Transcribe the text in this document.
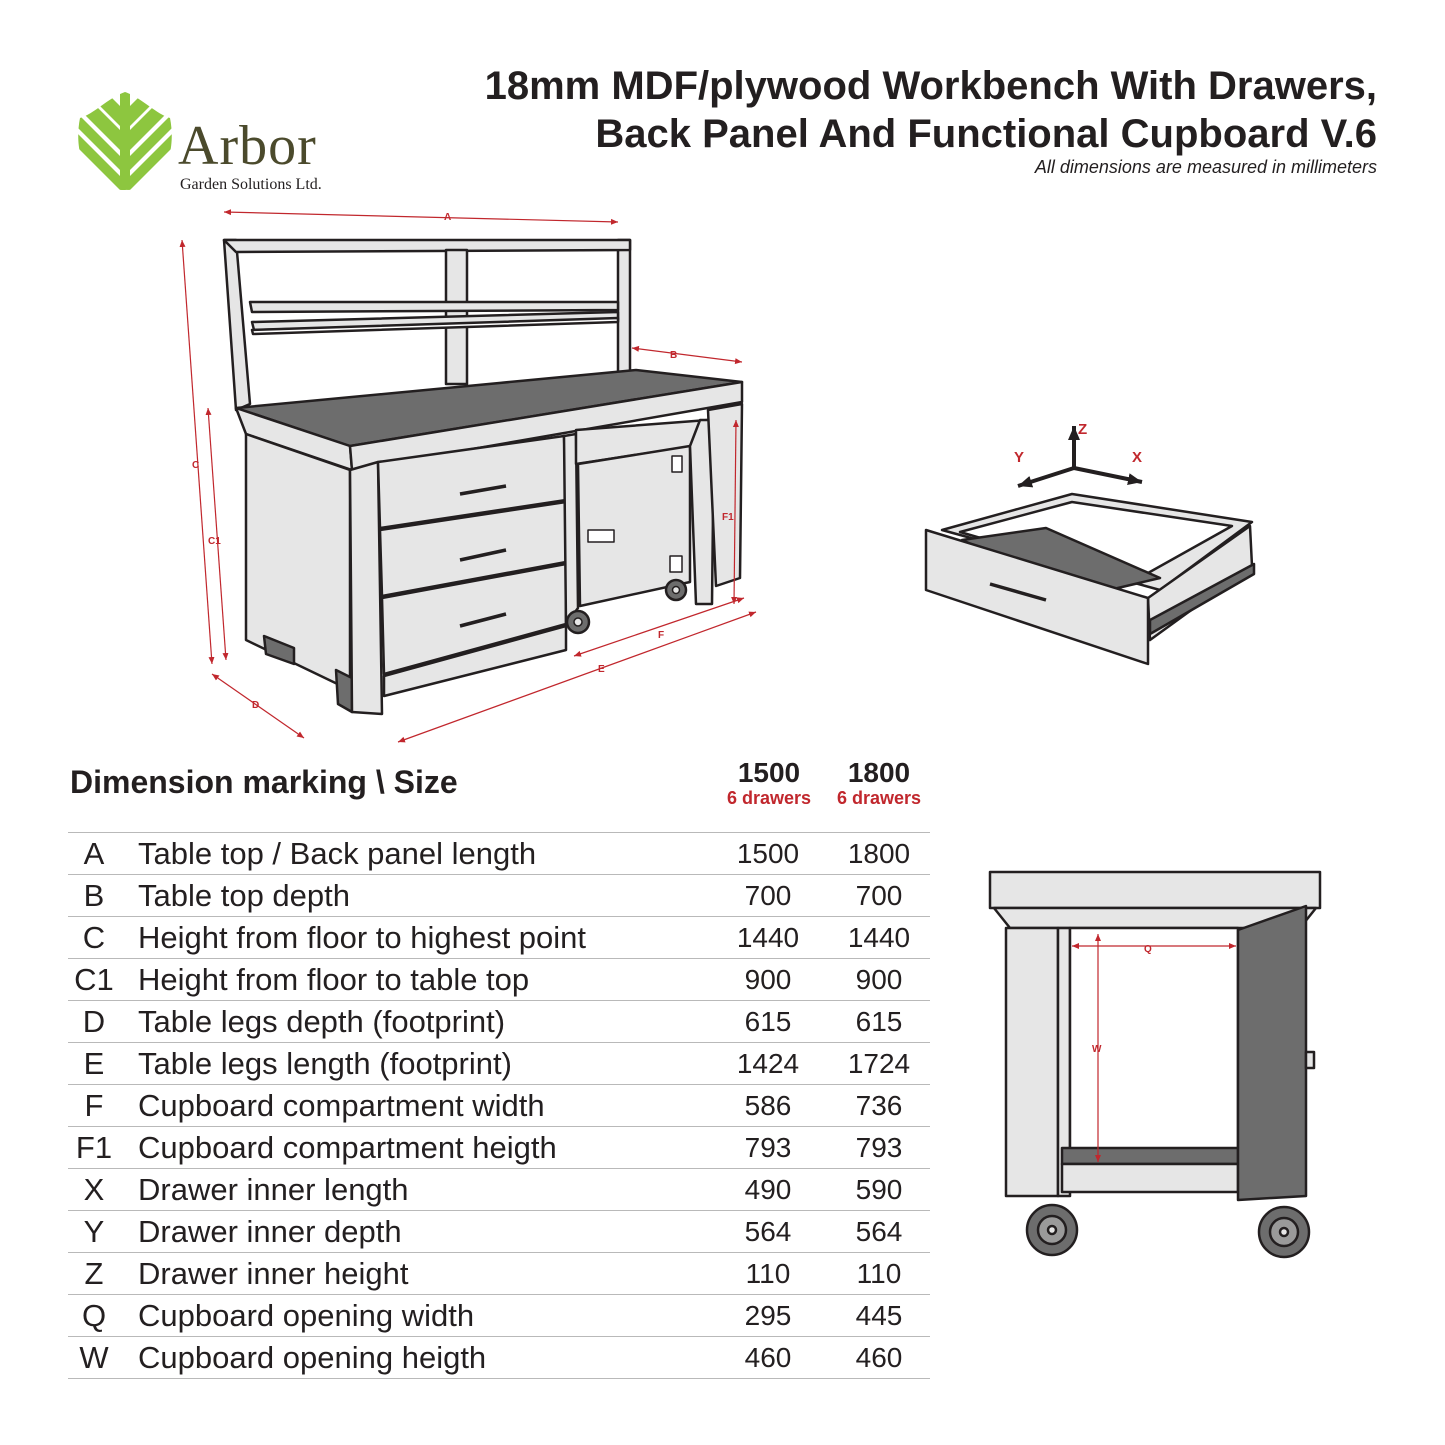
Arbor
Garden Solutions Ltd.
18mm MDF/plywood Workbench With Drawers,
Back Panel And Functional Cupboard V.6
All dimensions are measured in millimeters
A
B
C
C1
D
E
F
F1
Z
Y	X
Q
W
Dimension marking \ Size	1500
6 drawers
1800
6 drawers
A	Table top / Back panel length	1500	1800
B	Table top depth	700	700
C	Height from floor to highest point	1440	1440
C1 Height from floor to table top	900	900
D	Table legs depth (footprint)	615	615
E	Table legs length (footprint)	1424	1724
F	Cupboard compartment width	586	736
F1 Cupboard compartment heigth	793	793
X	Drawer inner length	490	590
Y	Drawer inner depth	564	564
Z	Drawer inner height	110	110
Q	Cupboard opening width	295	445
W Cupboard opening heigth	460	460
